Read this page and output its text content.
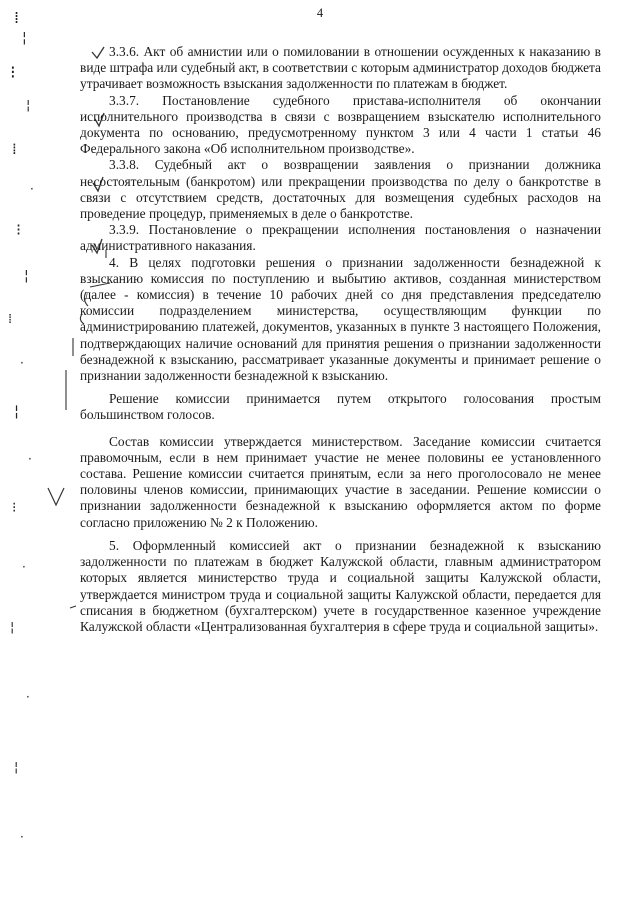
⁞
¦
⁝
¦
⁞
·
⁝
¦
⁞
·
¦
·
⁝
·
¦
·
¦
·
4

3.3.6. Акт об амнистии или о помиловании в отношении осужденных к наказанию в виде штрафа или судебный акт, в соответствии с которым администратор доходов бюджета утрачивает возможность взыскания задолженности по платежам в бюджет.

3.3.7. Постановление судебного пристава-исполнителя об окончании исполнительного производства в связи с возвращением взыскателю исполнительного документа по основанию, предусмотренному пунктом 3 или 4 части 1 статьи 46 Федерального закона «Об исполнительном производстве».

3.3.8. Судебный акт о возвращении заявления о признании должника несостоятельным (банкротом) или прекращении производства по делу о банкротстве в связи с отсутствием средств, достаточных для возмещения судебных расходов на проведение процедур, применяемых в деле о банкротстве.

3.3.9. Постановление о прекращении исполнения постановления о назначении административного наказания.

4. В целях подготовки решения о признании задолженности безнадежной к взысканию комиссия по поступлению и выбытию активов, созданная министерством (далее - комиссия) в течение 10 рабочих дней со дня представления председателю комиссии подразделением министерства, осуществляющим функции по администрированию платежей, документов, указанных в пункте 3 настоящего Положения, подтверждающих наличие оснований для принятия решения о признании задолженности безнадежной к взысканию, рассматривает указанные документы и принимает решение о признании задолженности безнадежной к взысканию.

Решение комиссии принимается путем открытого голосования простым большинством голосов.

Состав комиссии утверждается министерством. Заседание комиссии считается правомочным, если в нем принимает участие не менее половины ее установленного состава. Решение комиссии считается принятым, если за него проголосовало не менее половины членов комиссии, принимающих участие в заседании. Решение комиссии о признании задолженности безнадежной к взысканию оформляется актом по форме согласно приложению № 2 к Положению.

5. Оформленный комиссией акт о признании безнадежной к взысканию задолженности по платежам в бюджет Калужской области, главным администратором которых является министерство труда и социальной защиты Калужской области, утверждается министром труда и социальной защиты Калужской области, передается для списания в бюджетном (бухгалтерском) учете в государственное казенное учреждение Калужской области «Централизованная бухгалтерия в сфере труда и социальной защиты».
